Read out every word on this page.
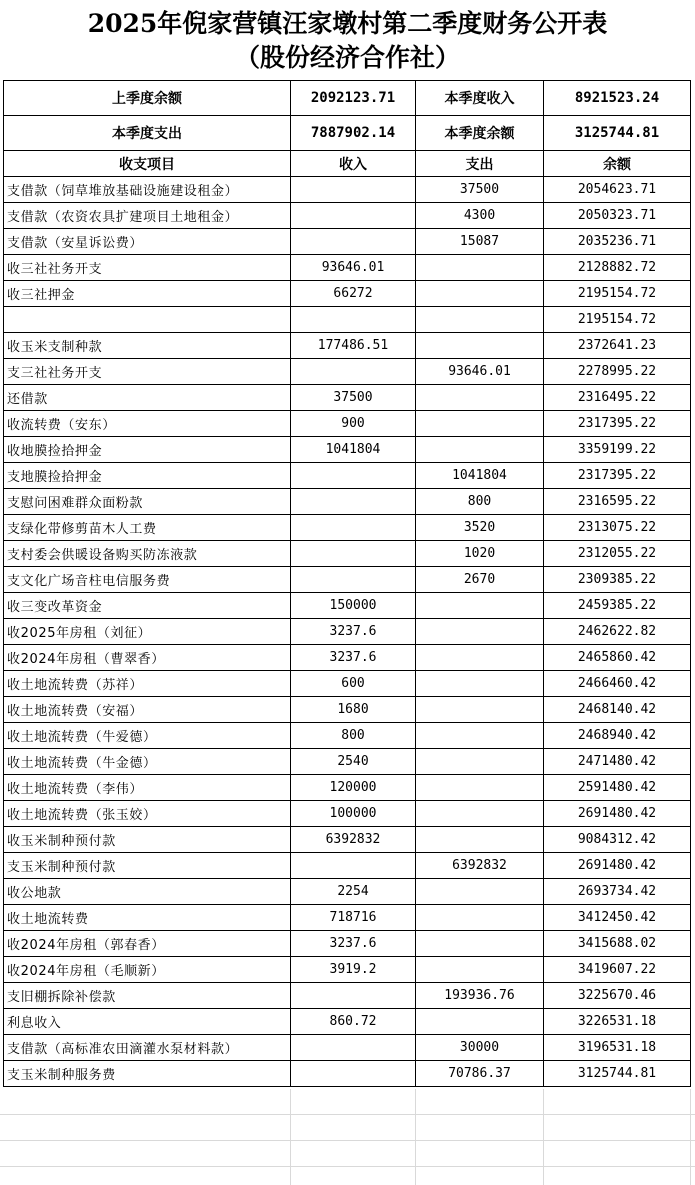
2025年倪家营镇汪家墩村第二季度财务公开表
（股份经济合作社）
上季度余额	2092123.71	本季度收入	8921523.24
本季度支出	7887902.14	本季度余额	3125744.81
收支项目	收入	支出	余额
支借款（饲草堆放基础设施建设租金）		37500	2054623.71
支借款（农资农具扩建项目土地租金）		4300	2050323.71
支借款（安星诉讼费）		15087	2035236.71
收三社社务开支	93646.01		2128882.72
收三社押金	66272		2195154.72
			2195154.72
收玉米支制种款	177486.51		2372641.23
支三社社务开支		93646.01	2278995.22
还借款	37500		2316495.22
收流转费（安东）	900		2317395.22
收地膜捡拾押金	1041804		3359199.22
支地膜捡拾押金		1041804	2317395.22
支慰问困难群众面粉款		800	2316595.22
支绿化带修剪苗木人工费		3520	2313075.22
支村委会供暖设备购买防冻液款		1020	2312055.22
支文化广场音柱电信服务费		2670	2309385.22
收三变改革资金	150000		2459385.22
收2025年房租（刘征）	3237.6		2462622.82
收2024年房租（曹翠香）	3237.6		2465860.42
收土地流转费（苏祥）	600		2466460.42
收土地流转费（安福）	1680		2468140.42
收土地流转费（牛爱德）	800		2468940.42
收土地流转费（牛金德）	2540		2471480.42
收土地流转费（李伟）	120000		2591480.42
收土地流转费（张玉姣）	100000		2691480.42
收玉米制种预付款	6392832		9084312.42
支玉米制种预付款		6392832	2691480.42
收公地款	2254		2693734.42
收土地流转费	718716		3412450.42
收2024年房租（郭春香）	3237.6		3415688.02
收2024年房租（毛顺新）	3919.2		3419607.22
支旧棚拆除补偿款		193936.76	3225670.46
利息收入	860.72		3226531.18
支借款（高标准农田滴灌水泵材料款）		30000	3196531.18
支玉米制种服务费		70786.37	3125744.81
